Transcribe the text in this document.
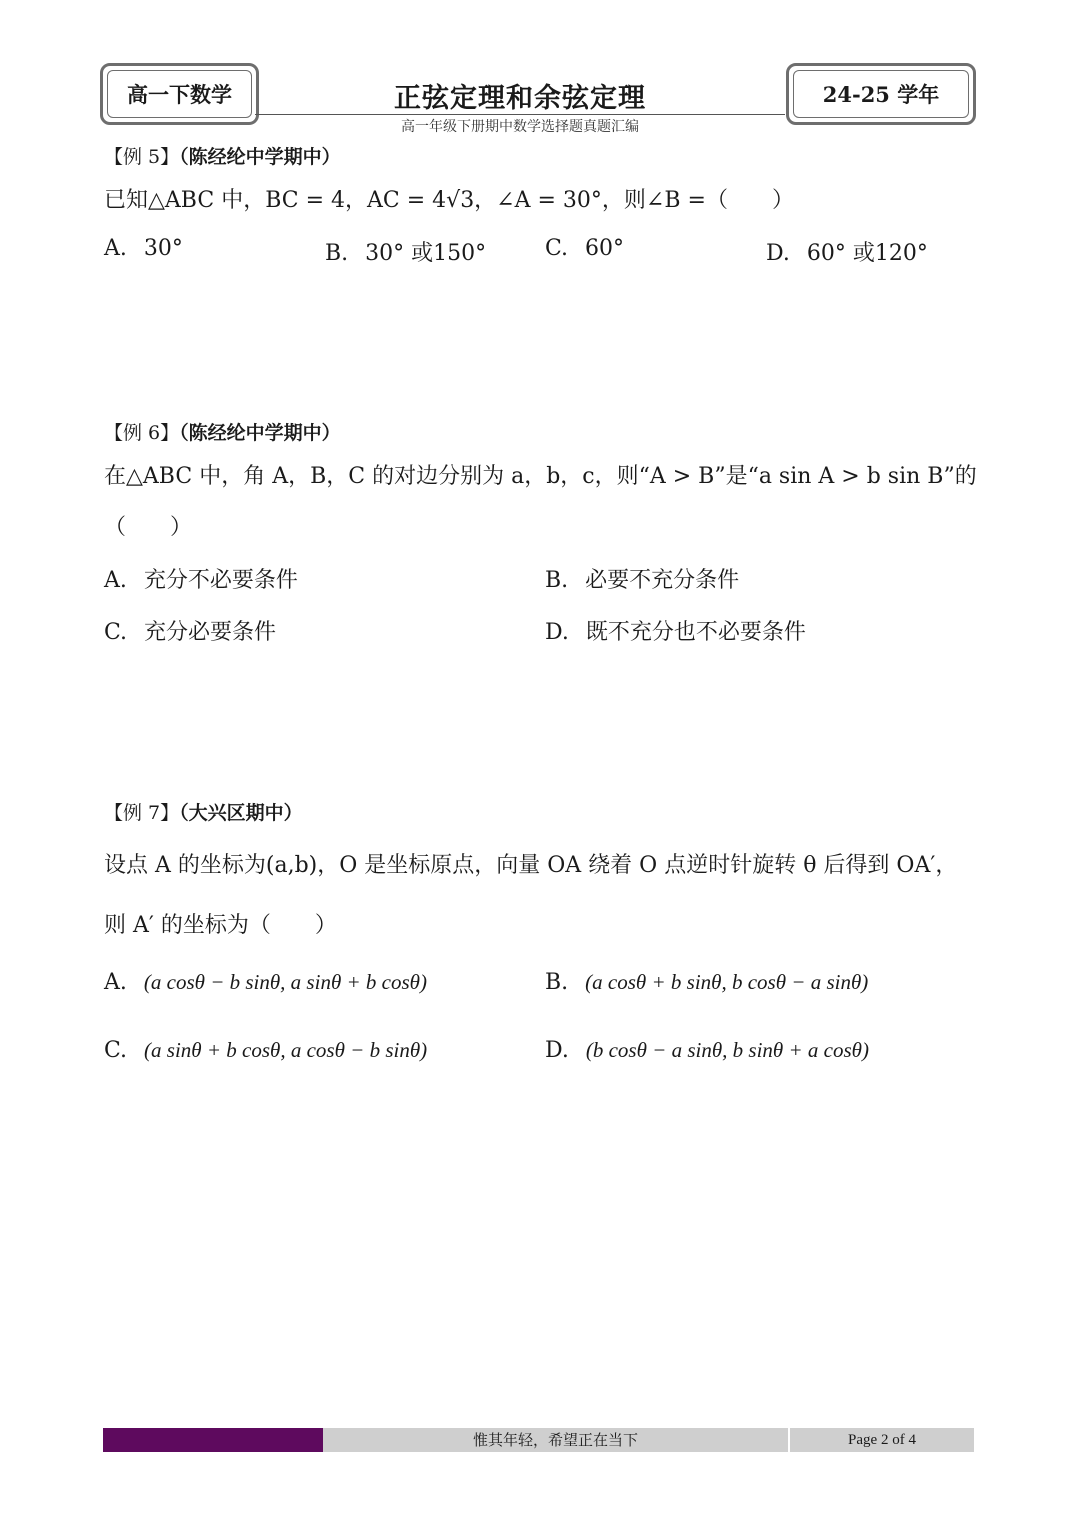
高一下数学	正弦定理和余弦定理
高一年级下册期中数学选择题真题汇编
24-25 学年
【例 5】（陈经纶中学期中）
已知△ABC 中，BC = 4，AC = 4√3，∠A = 30°，则∠B =（　　）
A. 30°	B. 30° 或150°	C. 60°	D. 60° 或120°
【例 6】（陈经纶中学期中）
在△ABC 中，角 A，B，C 的对边分别为 a，b，c，则“A > B”是“a sin A > b sin B”的
（　　）
A. 充分不必要条件	B. 必要不充分条件
C. 充分必要条件	D. 既不充分也不必要条件
【例 7】（大兴区期中）
设点 A 的坐标为(a,b)，O 是坐标原点，向量 OA 绕着 O 点逆时针旋转 θ 后得到 OA′，
则 A′ 的坐标为（　　）
A. (a cosθ − b sinθ, a sinθ + b cosθ)	B. (a cosθ + b sinθ, b cosθ − a sinθ)
C. (a sinθ + b cosθ, a cosθ − b sinθ)	D. (b cosθ − a sinθ, b sinθ + a cosθ)
惟其年轻，希望正在当下	Page 2 of 4
